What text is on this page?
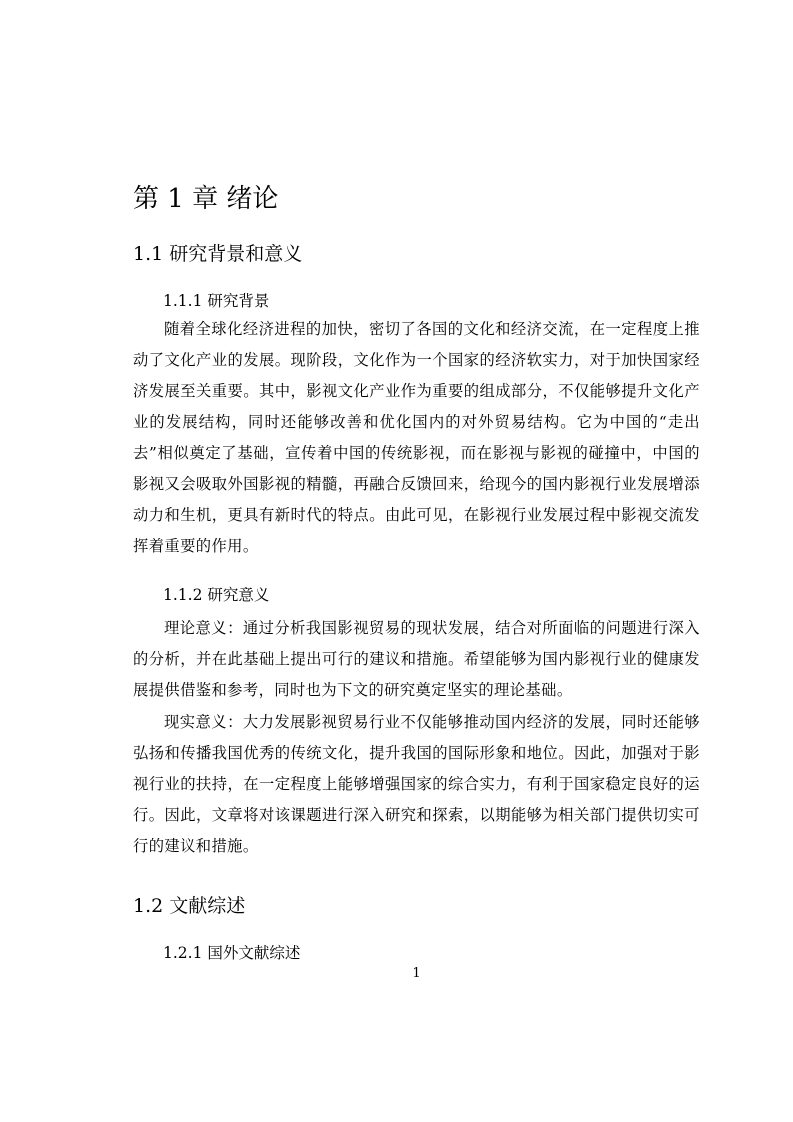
第 1 章 绪论
1.1 研究背景和意义
1.1.1 研究背景

随着全球化经济进程的加快，密切了各国的文化和经济交流，在一定程度上推动了文化产业的发展。现阶段，文化作为一个国家的经济软实力，对于加快国家经济发展至关重要。其中，影视文化产业作为重要的组成部分，不仅能够提升文化产业的发展结构，同时还能够改善和优化国内的对外贸易结构。它为中国的“走出去”相似奠定了基础，宣传着中国的传统影视，而在影视与影视的碰撞中，中国的影视又会吸取外国影视的精髓，再融合反馈回来，给现今的国内影视行业发展增添动力和生机，更具有新时代的特点。由此可见，在影视行业发展过程中影视交流发挥着重要的作用。

1.1.2 研究意义

理论意义：通过分析我国影视贸易的现状发展，结合对所面临的问题进行深入的分析，并在此基础上提出可行的建议和措施。希望能够为国内影视行业的健康发展提供借鉴和参考，同时也为下文的研究奠定坚实的理论基础。

现实意义：大力发展影视贸易行业不仅能够推动国内经济的发展，同时还能够弘扬和传播我国优秀的传统文化，提升我国的国际形象和地位。因此，加强对于影视行业的扶持，在一定程度上能够增强国家的综合实力，有利于国家稳定良好的运行。因此，文章将对该课题进行深入研究和探索，以期能够为相关部门提供切实可行的建议和措施。

1.2 文献综述
1.2.1 国外文献综述
1
